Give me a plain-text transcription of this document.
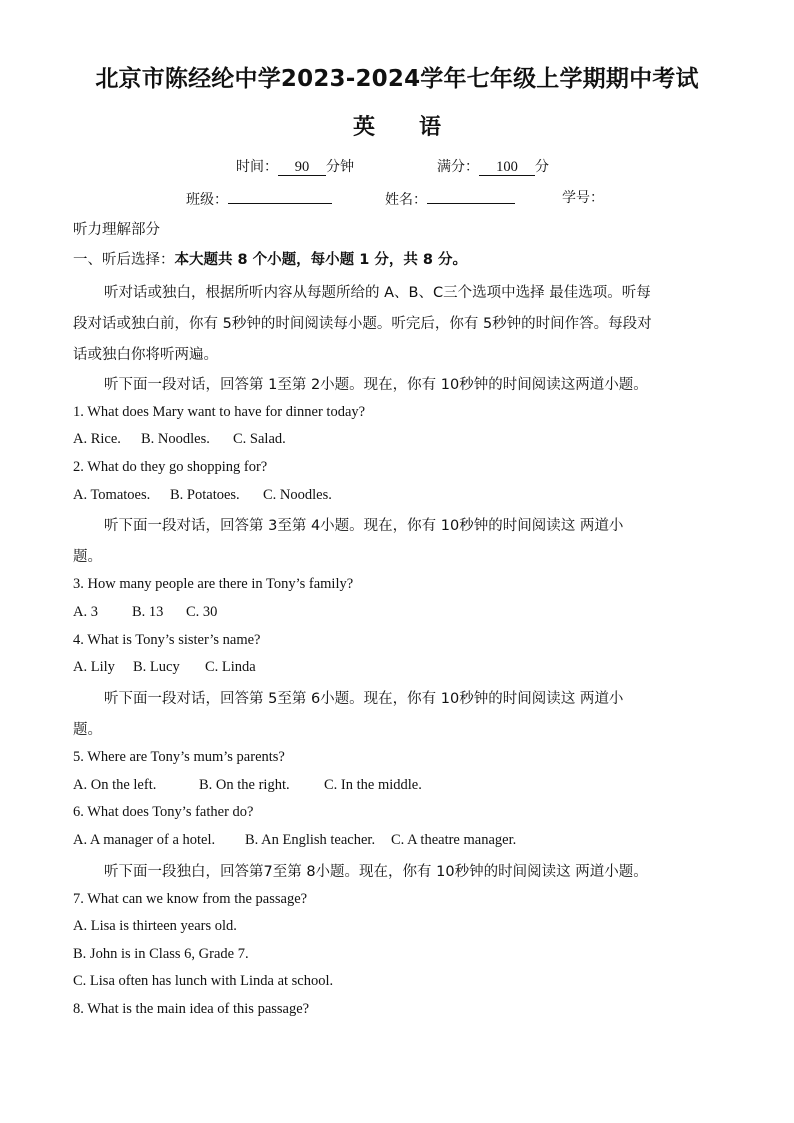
北京市陈经纶中学2023-2024学年七年级上学期期中考试
英语
时间： 90 分钟	满分： 100 分
班级：	姓名：	学号：
听力理解部分
一、听后选择：本大题共 8 个小题，每小题 1 分，共 8 分。
听对话或独白，根据所听内容从每题所给的 A、B、C三个选项中选择 最佳选项。听每
段对话或独白前，你有 5秒钟的时间阅读每小题。听完后，你有 5秒钟的时间作答。每段对
话或独白你将听两遍。
听下面一段对话，回答第 1至第 2小题。现在，你有 10秒钟的时间阅读这两道小题。
1. What does Mary want to have for dinner today?
A. Rice. B. Noodles. C. Salad.
2. What do they go shopping for?
A. Tomatoes. B. Potatoes. C. Noodles.
听下面一段对话，回答第 3至第 4小题。现在，你有 10秒钟的时间阅读这 两道小
题。
3. How many people are there in Tony’s family?
A. 3 B. 13 C. 30
4. What is Tony’s sister’s name?
A. Lily B. Lucy C. Linda
听下面一段对话，回答第 5至第 6小题。现在，你有 10秒钟的时间阅读这 两道小
题。
5. Where are Tony’s mum’s parents?
A. On the left.	B. On the right. C. In the middle.
6. What does Tony’s father do?
A. A manager of a hotel. B. An English teacher. C. A theatre manager.
听下面一段独白，回答第7至第 8小题。现在，你有 10秒钟的时间阅读这 两道小题。
7. What can we know from the passage?
A. Lisa is thirteen years old.
B. John is in Class 6, Grade 7.
C. Lisa often has lunch with Linda at school.
8. What is the main idea of this passage?
